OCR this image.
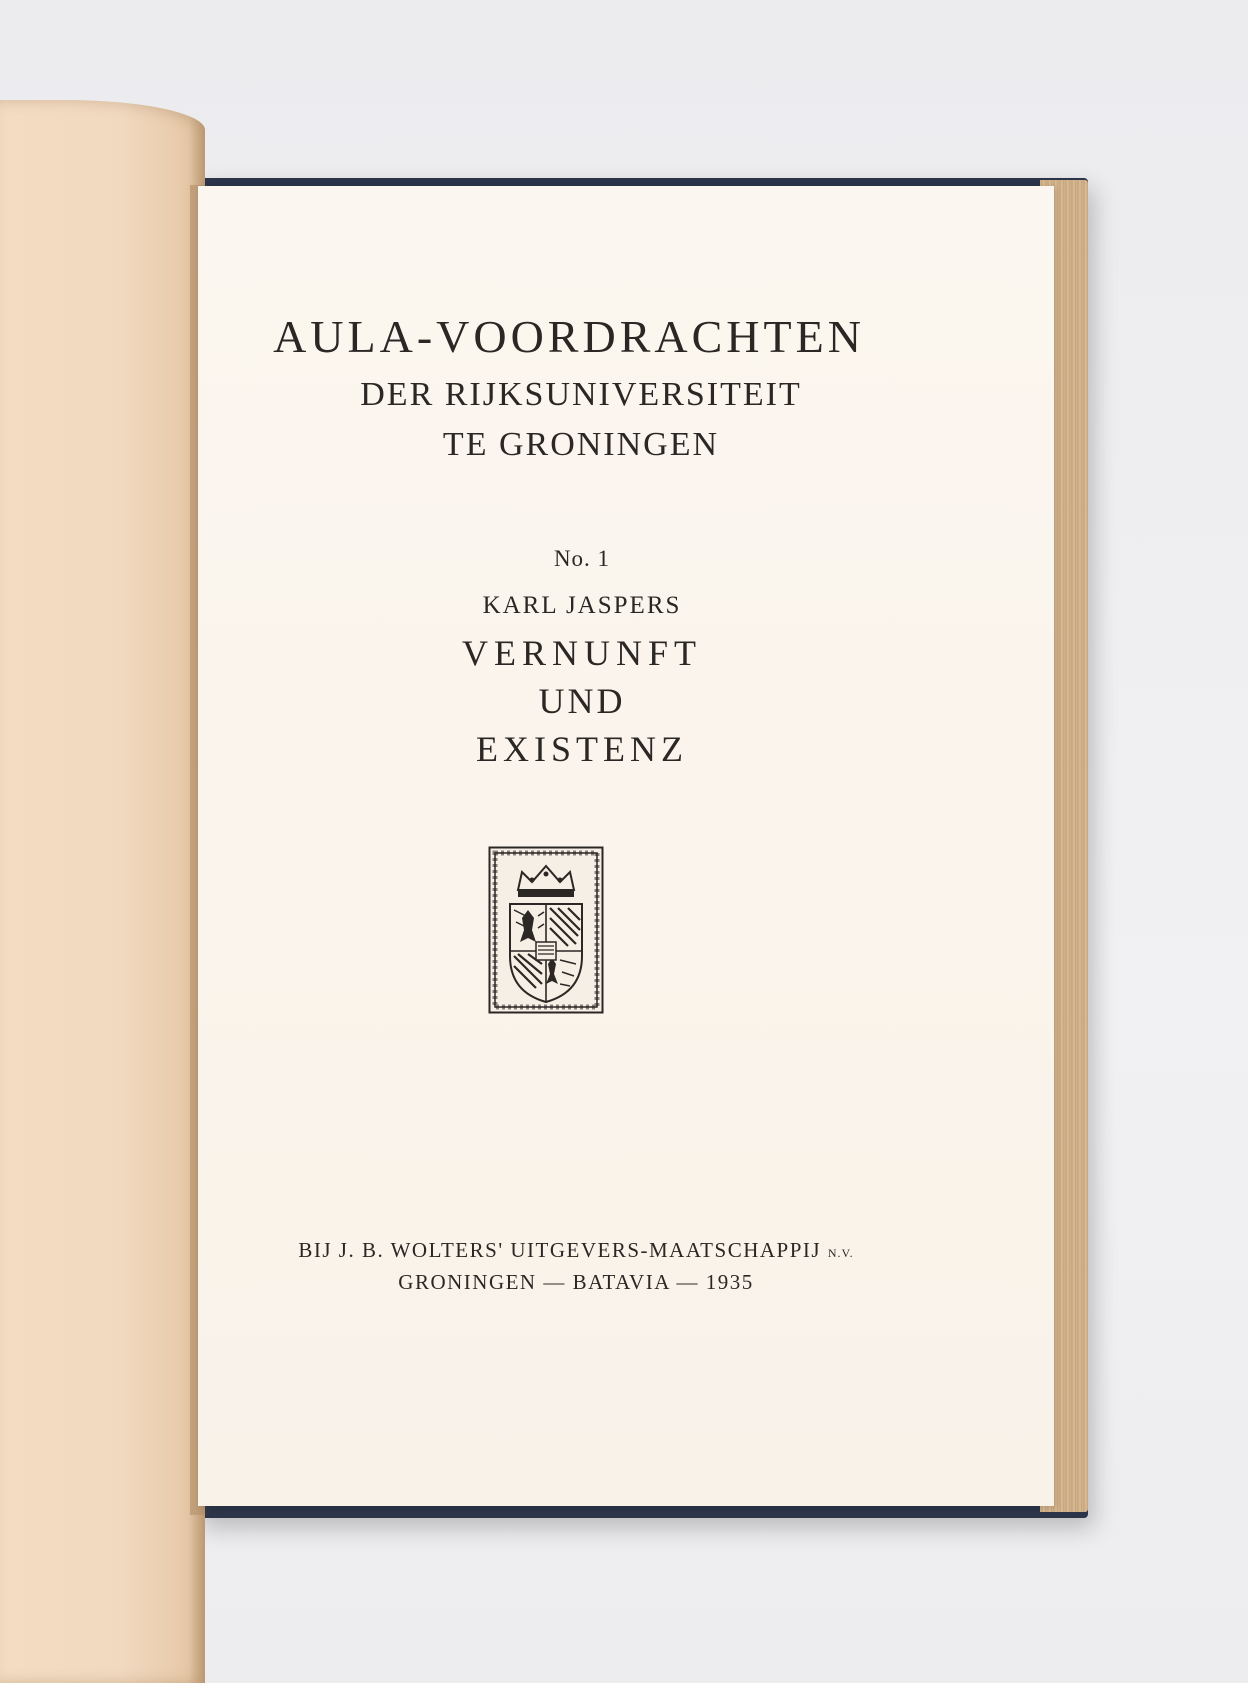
AULA-VOORDRACHTEN
DER RIJKSUNIVERSITEIT
TE GRONINGEN
No. 1
KARL JASPERS
VERNUNFT
UND
EXISTENZ
BIJ J. B. WOLTERS' UITGEVERS-MAATSCHAPPIJ N.V.
GRONINGEN — BATAVIA — 1935
